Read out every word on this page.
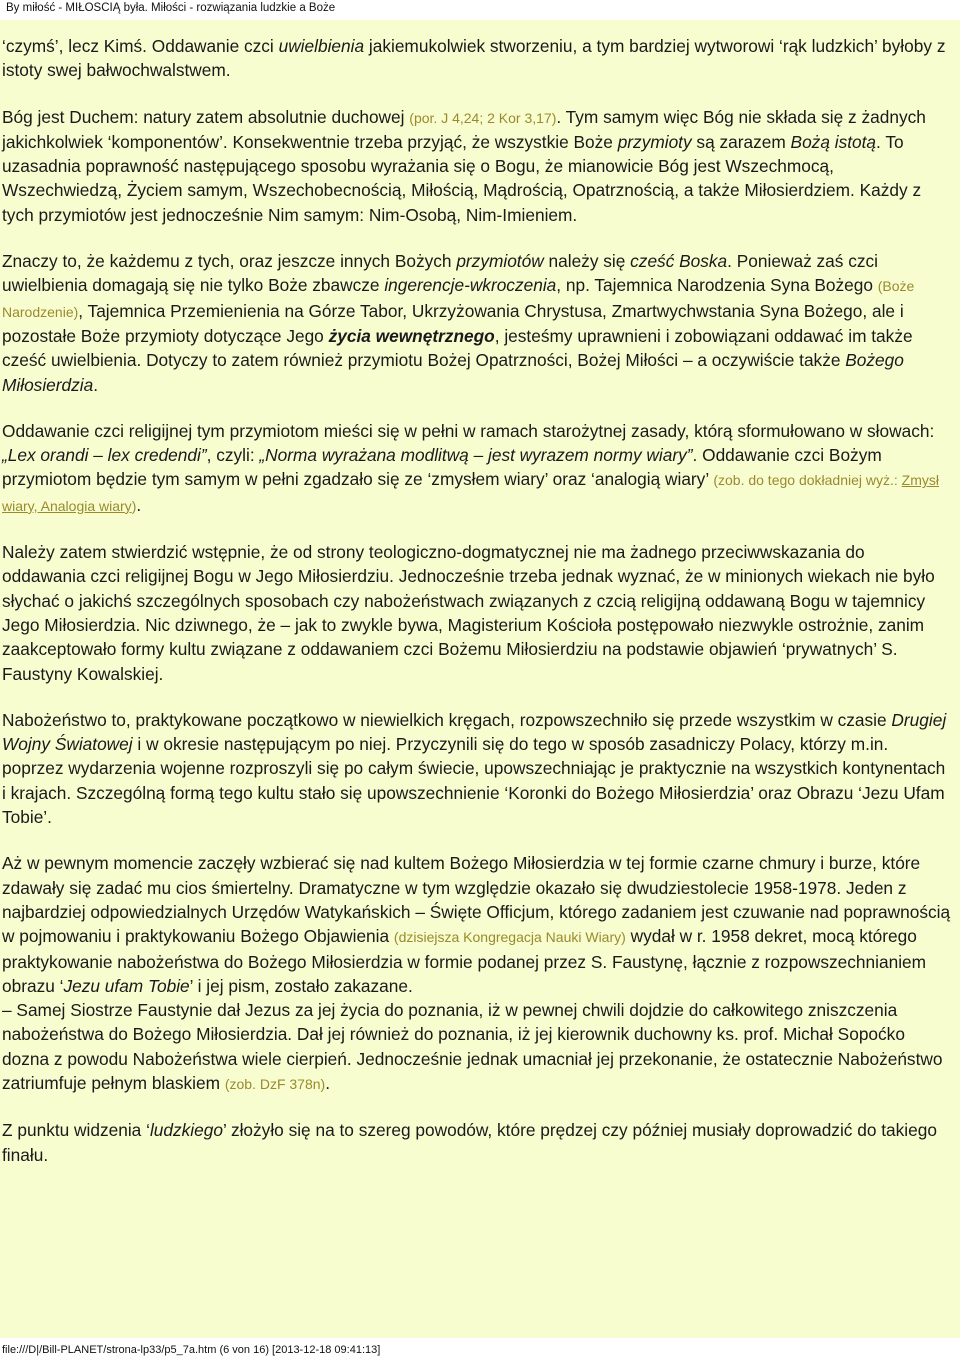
By miłość - MIŁOŚCIĄ była. Miłości - rozwiązania ludzkie a Boże

‘czymś’, lecz Kimś. Oddawanie czci uwielbienia jakiemukolwiek stworzeniu, a tym bardziej wytworowi ‘rąk ludzkich’ byłoby z istoty swej bałwochwalstwem.

Bóg jest Duchem: natury zatem absolutnie duchowej (por. J 4,24; 2 Kor 3,17). Tym samym więc Bóg nie składa się z żadnych jakichkolwiek ‘komponentów’. Konsekwentnie trzeba przyjąć, że wszystkie Boże przymioty są zarazem Bożą istotą. To uzasadnia poprawność następującego sposobu wyrażania się o Bogu, że mianowicie Bóg jest Wszechmocą, Wszechwiedzą, Życiem samym, Wszechobecnością, Miłością, Mądrością, Opatrznością, a także Miłosierdziem. Każdy z tych przymiotów jest jednocześnie Nim samym: Nim-Osobą, Nim-Imieniem.

Znaczy to, że każdemu z tych, oraz jeszcze innych Bożych przymiotów należy się cześć Boska. Ponieważ zaś czci uwielbienia domagają się nie tylko Boże zbawcze ingerencje-wkroczenia, np. Tajemnica Narodzenia Syna Bożego (Boże Narodzenie), Tajemnica Przemienienia na Górze Tabor, Ukrzyżowania Chrystusa, Zmartwychwstania Syna Bożego, ale i pozostałe Boże przymioty dotyczące Jego życia wewnętrznego, jesteśmy uprawnieni i zobowiązani oddawać im także cześć uwielbienia. Dotyczy to zatem również przymiotu Bożej Opatrzności, Bożej Miłości – a oczywiście także Bożego Miłosierdzia.

Oddawanie czci religijnej tym przymiotom mieści się w pełni w ramach starożytnej zasady, którą sformułowano w słowach: „Lex orandi – lex credendi”, czyli: „Norma wyrażana modlitwą – jest wyrazem normy wiary”. Oddawanie czci Bożym przymiotom będzie tym samym w pełni zgadzało się ze ‘zmysłem wiary’ oraz ‘analogią wiary’ (zob. do tego dokładniej wyż.: Zmysł wiary, Analogia wiary).

Należy zatem stwierdzić wstępnie, że od strony teologiczno-dogmatycznej nie ma żadnego przeciwwskazania do oddawania czci religijnej Bogu w Jego Miłosierdziu. Jednocześnie trzeba jednak wyznać, że w minionych wiekach nie było słychać o jakichś szczególnych sposobach czy nabożeństwach związanych z czcią religijną oddawaną Bogu w tajemnicy Jego Miłosierdzia. Nic dziwnego, że – jak to zwykle bywa, Magisterium Kościoła postępowało niezwykle ostrożnie, zanim zaakceptowało formy kultu związane z oddawaniem czci Bożemu Miłosierdziu na podstawie objawień ‘prywatnych’ S. Faustyny Kowalskiej.

Nabożeństwo to, praktykowane początkowo w niewielkich kręgach, rozpowszechniło się przede wszystkim w czasie Drugiej Wojny Światowej i w okresie następującym po niej. Przyczynili się do tego w sposób zasadniczy Polacy, którzy m.in. poprzez wydarzenia wojenne rozproszyli się po całym świecie, upowszechniając je praktycznie na wszystkich kontynentach i krajach. Szczególną formą tego kultu stało się upowszechnienie ‘Koronki do Bożego Miłosierdzia’ oraz Obrazu ‘Jezu Ufam Tobie’.

Aż w pewnym momencie zaczęły wzbierać się nad kultem Bożego Miłosierdzia w tej formie czarne chmury i burze, które zdawały się zadać mu cios śmiertelny. Dramatyczne w tym względzie okazało się dwudziestolecie 1958-1978. Jeden z najbardziej odpowiedzialnych Urzędów Watykańskich – Święte Officjum, którego zadaniem jest czuwanie nad poprawnością w pojmowaniu i praktykowaniu Bożego Objawienia (dzisiejsza Kongregacja Nauki Wiary) wydał w r. 1958 dekret, mocą którego praktykowanie nabożeństwa do Bożego Miłosierdzia w formie podanej przez S. Faustynę, łącznie z rozpowszechnianiem obrazu ‘Jezu ufam Tobie’ i jej pism, zostało zakazane.
– Samej Siostrze Faustynie dał Jezus za jej życia do poznania, iż w pewnej chwili dojdzie do całkowitego zniszczenia nabożeństwa do Bożego Miłosierdzia. Dał jej również do poznania, iż jej kierownik duchowny ks. prof. Michał Sopoćko dozna z powodu Nabożeństwa wiele cierpień. Jednocześnie jednak umacniał jej przekonanie, że ostatecznie Nabożeństwo zatriumfuje pełnym blaskiem (zob. DzF 378n).

Z punktu widzenia ‘ludzkiego’ złożyło się na to szereg powodów, które prędzej czy później musiały doprowadzić do takiego finału.

file:///D|/Bill-PLANET/strona-lp33/p5_7a.htm (6 von 16) [2013-12-18 09:41:13]
